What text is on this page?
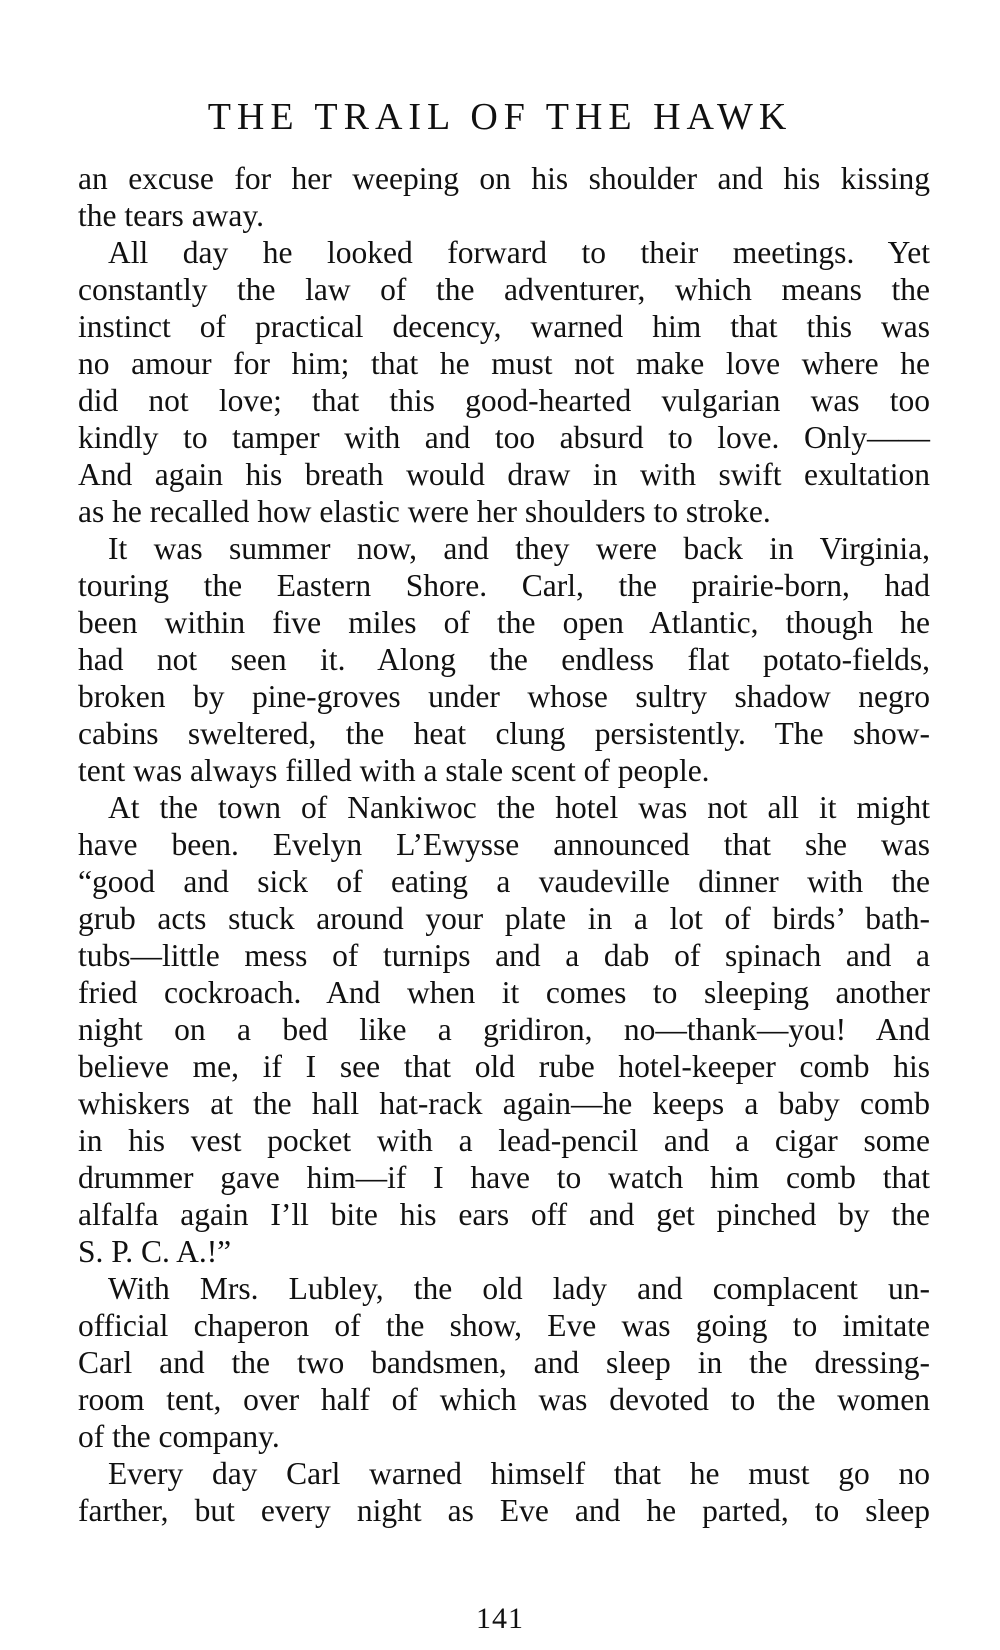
THE TRAIL OF THE HAWK
an excuse for her weeping on his shoulder and his kissing
the tears away.
All day he looked forward to their meetings. Yet
constantly the law of the adventurer, which means the
instinct of practical decency, warned him that this was
no amour for him; that he must not make love where he
did not love; that this good-hearted vulgarian was too
kindly to tamper with and too absurd to love. Only——
And again his breath would draw in with swift exultation
as he recalled how elastic were her shoulders to stroke.
It was summer now, and they were back in Virginia,
touring the Eastern Shore. Carl, the prairie-born, had
been within five miles of the open Atlantic, though he
had not seen it. Along the endless flat potato-fields,
broken by pine-groves under whose sultry shadow negro
cabins sweltered, the heat clung persistently. The show-
tent was always filled with a stale scent of people.
At the town of Nankiwoc the hotel was not all it might
have been. Evelyn L’Ewysse announced that she was
“good and sick of eating a vaudeville dinner with the
grub acts stuck around your plate in a lot of birds’ bath-
tubs—little mess of turnips and a dab of spinach and a
fried cockroach. And when it comes to sleeping another
night on a bed like a gridiron, no—thank—you! And
believe me, if I see that old rube hotel-keeper comb his
whiskers at the hall hat-rack again—he keeps a baby comb
in his vest pocket with a lead-pencil and a cigar some
drummer gave him—if I have to watch him comb that
alfalfa again I’ll bite his ears off and get pinched by the
S. P. C. A.!”
With Mrs. Lubley, the old lady and complacent un-
official chaperon of the show, Eve was going to imitate
Carl and the two bandsmen, and sleep in the dressing-
room tent, over half of which was devoted to the women
of the company.
Every day Carl warned himself that he must go no
farther, but every night as Eve and he parted, to sleep
141
